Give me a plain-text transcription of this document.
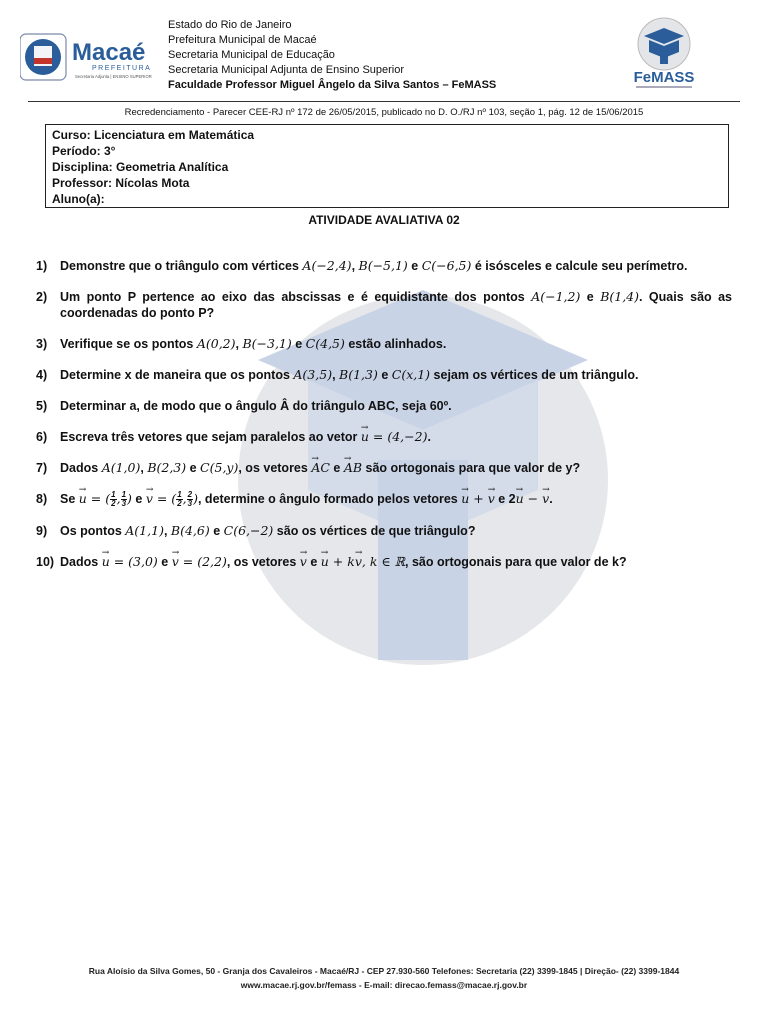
Macaé
PREFEITURA
Secretaria Adjunta | ENSINO SUPERIOR
Estado do Rio de Janeiro
Prefeitura Municipal de Macaé
Secretaria Municipal de Educação
Secretaria Municipal Adjunta de Ensino Superior
Faculdade Professor Miguel Ângelo da Silva Santos – FeMASS	FeMASS
Recredenciamento - Parecer CEE-RJ nº 172 de 26/05/2015, publicado no D. O./RJ nº 103, seção 1, pág. 12 de 15/06/2015
Curso: Licenciatura em Matemática
Período: 3°
Disciplina: Geometria Analítica
Professor: Nícolas Mota
Aluno(a):
ATIVIDADE AVALIATIVA 02
1) Demonstre que o triângulo com vértices A(−2,4), B(−5,1) e C(−6,5) é isósceles e calcule seu perímetro.
2) Um ponto P pertence ao eixo das abscissas e é equidistante dos pontos A(−1,2) e B(1,4). Quais são as coordenadas do ponto P?
3) Verifique se os pontos A(0,2), B(−3,1) e C(4,5) estão alinhados.
4) Determine x de maneira que os pontos A(3,5), B(1,3) e C(x,1) sejam os vértices de um triângulo.
5) Determinar a, de modo que o ângulo Â do triângulo ABC, seja 60º.
6) Escreva três vetores que sejam paralelos ao vetor → u = (4,−2).
7) Dados A(1,0), B(2,3) e C(5,y), os vetores → AC e → AB são ortogonais para que valor de y?
8) Se → u = ( $\frac{1}{2}$ , $\frac{1}{3}$ ) e → v = ( $\frac{1}{2}$ , $\frac{2}{3}$ ), determine o ângulo formado pelos vetores → u + → v e 2→ u − → v.
9) Os pontos A(1,1), B(4,6) e C(6,−2) são os vértices de que triângulo?
10) Dados → u = (3,0) e → v = (2,2), os vetores → v e → u + k→ v, k ∈ ℝ, são ortogonais para que valor de k?
Rua Aloísio da Silva Gomes, 50 - Granja dos Cavaleiros - Macaé/RJ - CEP 27.930-560 Telefones: Secretaria (22) 3399-1845 | Direção- (22) 3399-1844
www.macae.rj.gov.br/femass - E-mail: direcao.femass@macae.rj.gov.br
